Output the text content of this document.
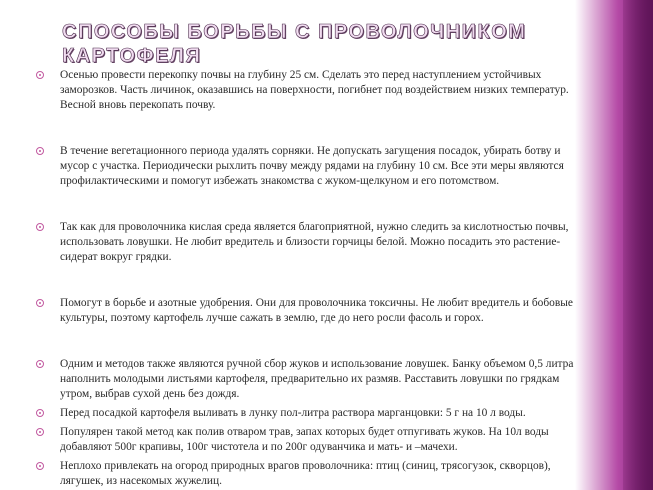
СПОСОБЫ БОРЬБЫ С ПРОВОЛОЧНИКОМ КАРТОФЕЛЯ
Осенью провести перекопку почвы на глубину 25 см. Сделать это перед наступлением устойчивых заморозков. Часть личинок, оказавшись на поверхности, погибнет под воздействием низких температур. Весной вновь перекопать почву.
В течение вегетационного периода удалять сорняки. Не допускать загущения посадок, убирать ботву и мусор с участка. Периодически рыхлить почву между рядами на глубину 10 см. Все эти меры являются профилактическими и помогут избежать знакомства с жуком-щелкуном и его потомством.
Так как для проволочника кислая среда является благоприятной, нужно следить за кислотностью почвы, использовать ловушки. Не любит вредитель и близости горчицы белой. Можно посадить это растение-сидерат вокруг грядки.
Помогут в борьбе и азотные удобрения. Они для проволочника токсичны. Не любит вредитель и бобовые культуры, поэтому картофель лучше сажать в землю, где до него росли фасоль и горох.
Одним и методов также являются ручной сбор жуков и использование ловушек. Банку объемом 0,5 литра наполнить молодыми листьями картофеля, предварительно их размяв. Расставить ловушки по грядкам утром, выбрав сухой день без дождя.
Перед посадкой картофеля выливать в лунку пол-литра раствора марганцовки: 5 г на 10 л воды.
Популярен такой метод как полив отваром трав, запах которых будет отпугивать жуков. На 10л воды добавляют 500г крапивы, 100г чистотела и по 200г одуванчика и мать- и –мачехи.
Неплохо привлекать на огород природных врагов проволочника: птиц (синиц, трясогузок, скворцов), лягушек, из насекомых жужелиц.
